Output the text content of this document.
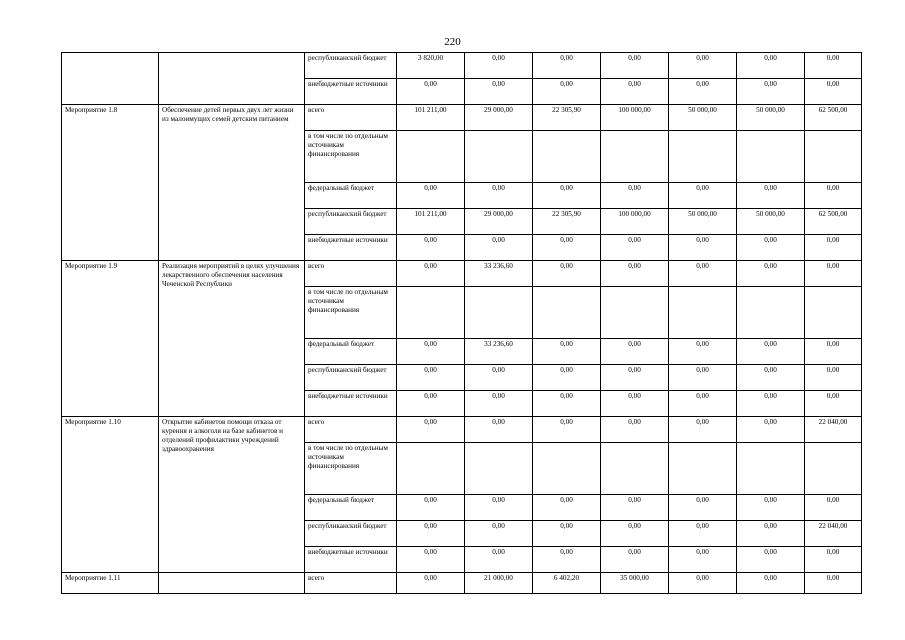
220
		республиканский бюджет	3 820,00	0,00	0,00	0,00	0,00	0,00	0,00
		внебюджетные источники	0,00	0,00	0,00	0,00	0,00	0,00	0,00
Мероприятие 1.8	Обеспечение детей первых двух лет жизни из малоимущих семей детским питанием	всего	101 211,00	29 000,00	22 305,90	100 000,00	50 000,00	50 000,00	62 500,00
		в том числе по отдельным источникам финансирования							
		федеральный бюджет	0,00	0,00	0,00	0,00	0,00	0,00	0,00
		республиканский бюджет	101 211,00	29 000,00	22 305,90	100 000,00	50 000,00	50 000,00	62 500,00
		внебюджетные источники	0,00	0,00	0,00	0,00	0,00	0,00	0,00
Мероприятие 1.9	Реализация мероприятий в целях улучшения лекарственного обеспечения населения Чеченской Республики	всего	0,00	33 236,60	0,00	0,00	0,00	0,00	0,00
		в том числе по отдельным источникам финансирования							
		федеральный бюджет	0,00	33 236,60	0,00	0,00	0,00	0,00	0,00
		республиканский бюджет	0,00	0,00	0,00	0,00	0,00	0,00	0,00
		внебюджетные источники	0,00	0,00	0,00	0,00	0,00	0,00	0,00
Мероприятие 1.10	Открытие кабинетов помощи отказа от курения и алкоголя на базе кабинетов и отделений профилактики учреждений здравоохранения	всего	0,00	0,00	0,00	0,00	0,00	0,00	22 040,00
		в том числе по отдельным источникам финансирования							
		федеральный бюджет	0,00	0,00	0,00	0,00	0,00	0,00	0,00
		республиканский бюджет	0,00	0,00	0,00	0,00	0,00	0,00	22 040,00
		внебюджетные источники	0,00	0,00	0,00	0,00	0,00	0,00	0,00
Мероприятие 1.11		всего	0,00	21 000,00	6 402,20	35 000,00	0,00	0,00	0,00
